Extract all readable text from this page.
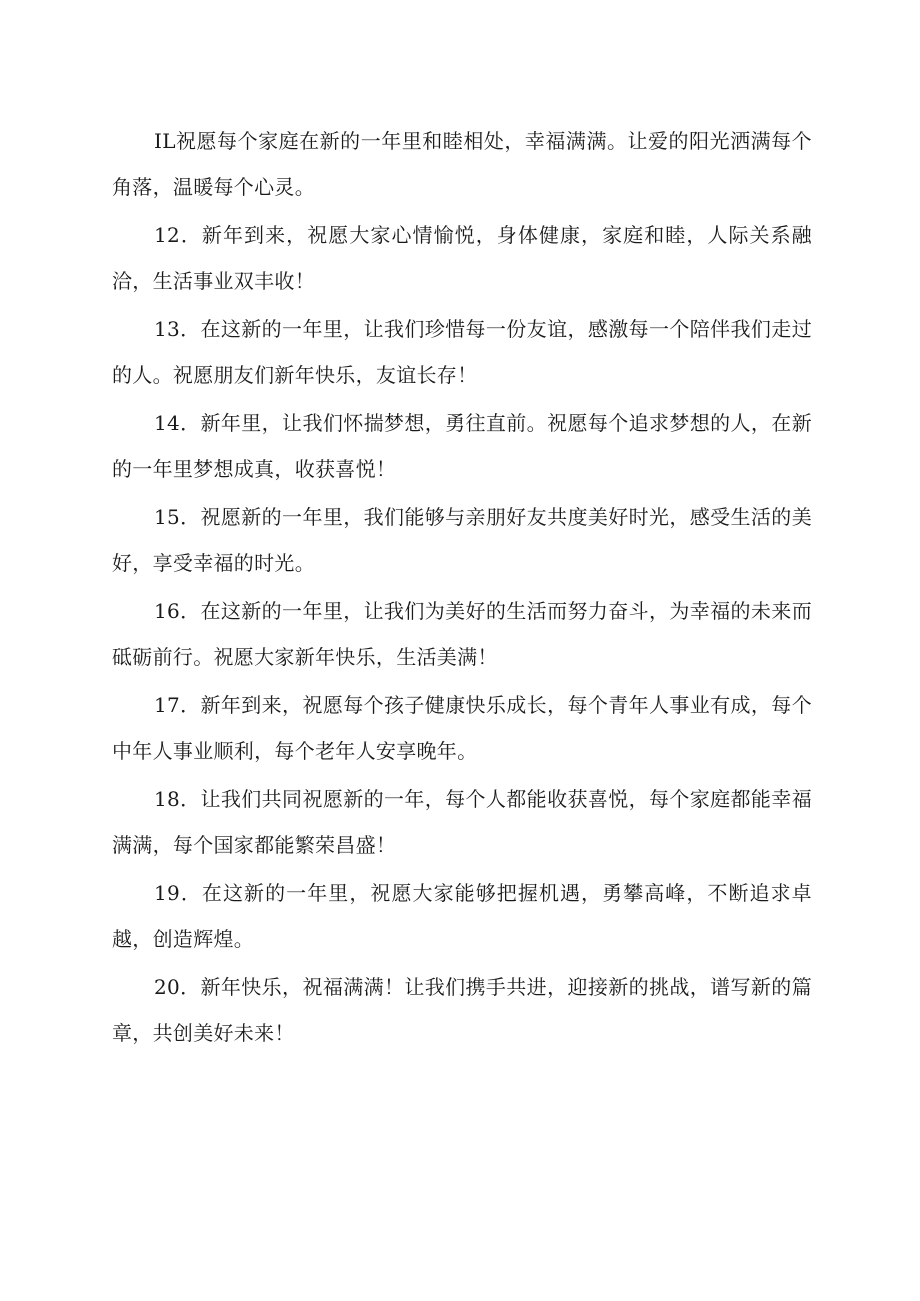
IL祝愿每个家庭在新的一年里和睦相处，幸福满满。让爱的阳光洒满每个角落，温暖每个心灵。

12．新年到来，祝愿大家心情愉悦，身体健康，家庭和睦，人际关系融洽，生活事业双丰收！

13．在这新的一年里，让我们珍惜每一份友谊，感激每一个陪伴我们走过的人。祝愿朋友们新年快乐，友谊长存！

14．新年里，让我们怀揣梦想，勇往直前。祝愿每个追求梦想的人，在新的一年里梦想成真，收获喜悦！

15．祝愿新的一年里，我们能够与亲朋好友共度美好时光，感受生活的美好，享受幸福的时光。

16．在这新的一年里，让我们为美好的生活而努力奋斗，为幸福的未来而砥砺前行。祝愿大家新年快乐，生活美满！

17．新年到来，祝愿每个孩子健康快乐成长，每个青年人事业有成，每个中年人事业顺利，每个老年人安享晚年。

18．让我们共同祝愿新的一年，每个人都能收获喜悦，每个家庭都能幸福满满，每个国家都能繁荣昌盛！

19．在这新的一年里，祝愿大家能够把握机遇，勇攀高峰，不断追求卓越，创造辉煌。

20．新年快乐，祝福满满！让我们携手共进，迎接新的挑战，谱写新的篇章，共创美好未来！
